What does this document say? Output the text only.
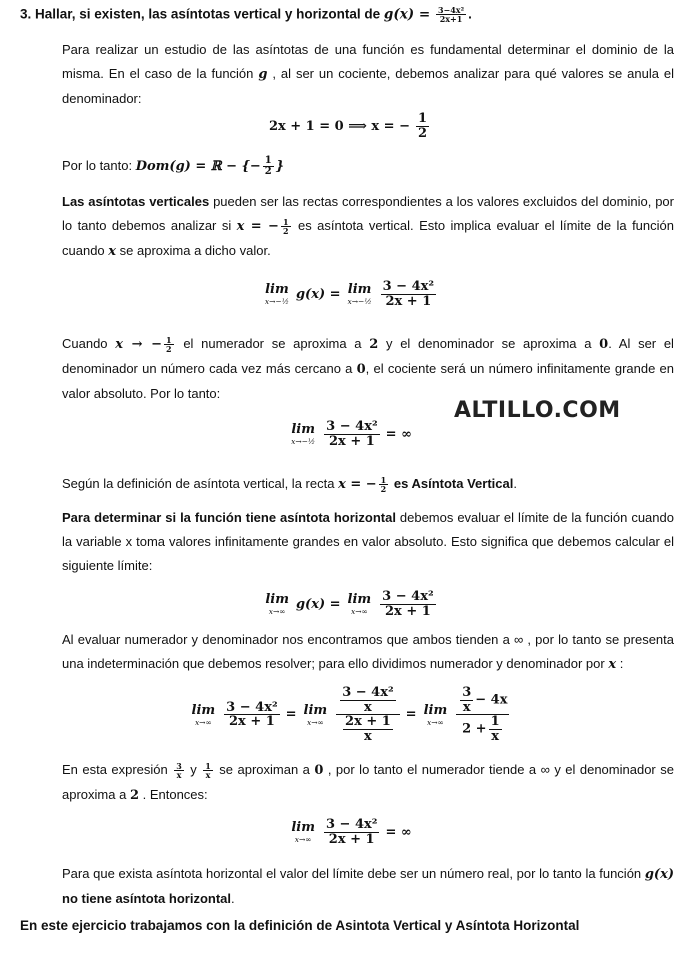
3. Hallar, si existen, las asíntotas vertical y horizontal de $g(x) = \frac{\text{3−4x²}}{2x+1}$ .
Para realizar un estudio de las asíntotas de una función es fundamental determinar el dominio de la misma. En el caso de la función g , al ser un cociente, debemos analizar para qué valores se anula el denominador:
2x + 1 = 0 ⟹ x = − $\frac{1}{2}$
Por lo tanto: Dom(g) = ℝ − {− $\frac{1}{2}$ }
Las asíntotas verticales pueden ser las rectas correspondientes a los valores excluidos del dominio, por lo tanto debemos analizar si x = − $\frac{1}{2}$ es asíntota vertical. Esto implica evaluar el límite de la función cuando x se aproxima a dicho valor.
lim
x→−½ g(x) = lim
x→−½ $\frac{\text{3 − 4x²}}{2x + 1}$
Cuando x → − $\frac{1}{2}$ el numerador se aproxima a 2 y el denominador se aproxima a 0. Al ser el denominador un número cada vez más cercano a 0, el cociente será un número infinitamente grande en valor absoluto. Por lo tanto:
ALTILLO.COM
lim
x→−½ $\frac{\text{3 − 4x²}}{2x + 1}$ = ∞
Según la definición de asíntota vertical, la recta x = − $\frac{1}{2}$ es Asíntota Vertical.
Para determinar si la función tiene asíntota horizontal debemos evaluar el límite de la función cuando la variable x toma valores infinitamente grandes en valor absoluto. Esto significa que debemos calcular el siguiente límite:
lim
x→∞ g(x) = lim
$x\to\infty \frac{\text{3 − 4x²}}{2x + 1}$
Al evaluar numerador y denominador nos encontramos que ambos tienden a ∞ , por lo tanto se presenta una indeterminación que debemos resolver; para ello dividimos numerador y denominador por x :
lim
$x\to\infty \frac{\text{3 − 4x²}}{2x + 1} = \lim$
$x\to\infty \frac{\frac{\text{3 − 4x²}}{x}}{\frac{2x + 1}{x}} = \lim$
$x\to\infty \frac{\frac{3}{x} - 4x}{2 + \frac{1}{x}}$
En esta expresión $\frac{3}{x}$ y $\frac{1}{x}$ se aproximan a 0 , por lo tanto el numerador tiende a ∞ y el denominador se aproxima a 2 . Entonces:
lim
$x\to\infty \frac{\text{3 − 4x²}}{2x + 1}$ = ∞
Para que exista asíntota horizontal el valor del límite debe ser un número real, por lo tanto la función g(x) no tiene asíntota horizontal.
En este ejercicio trabajamos con la definición de Asintota Vertical y Asíntota Horizontal
